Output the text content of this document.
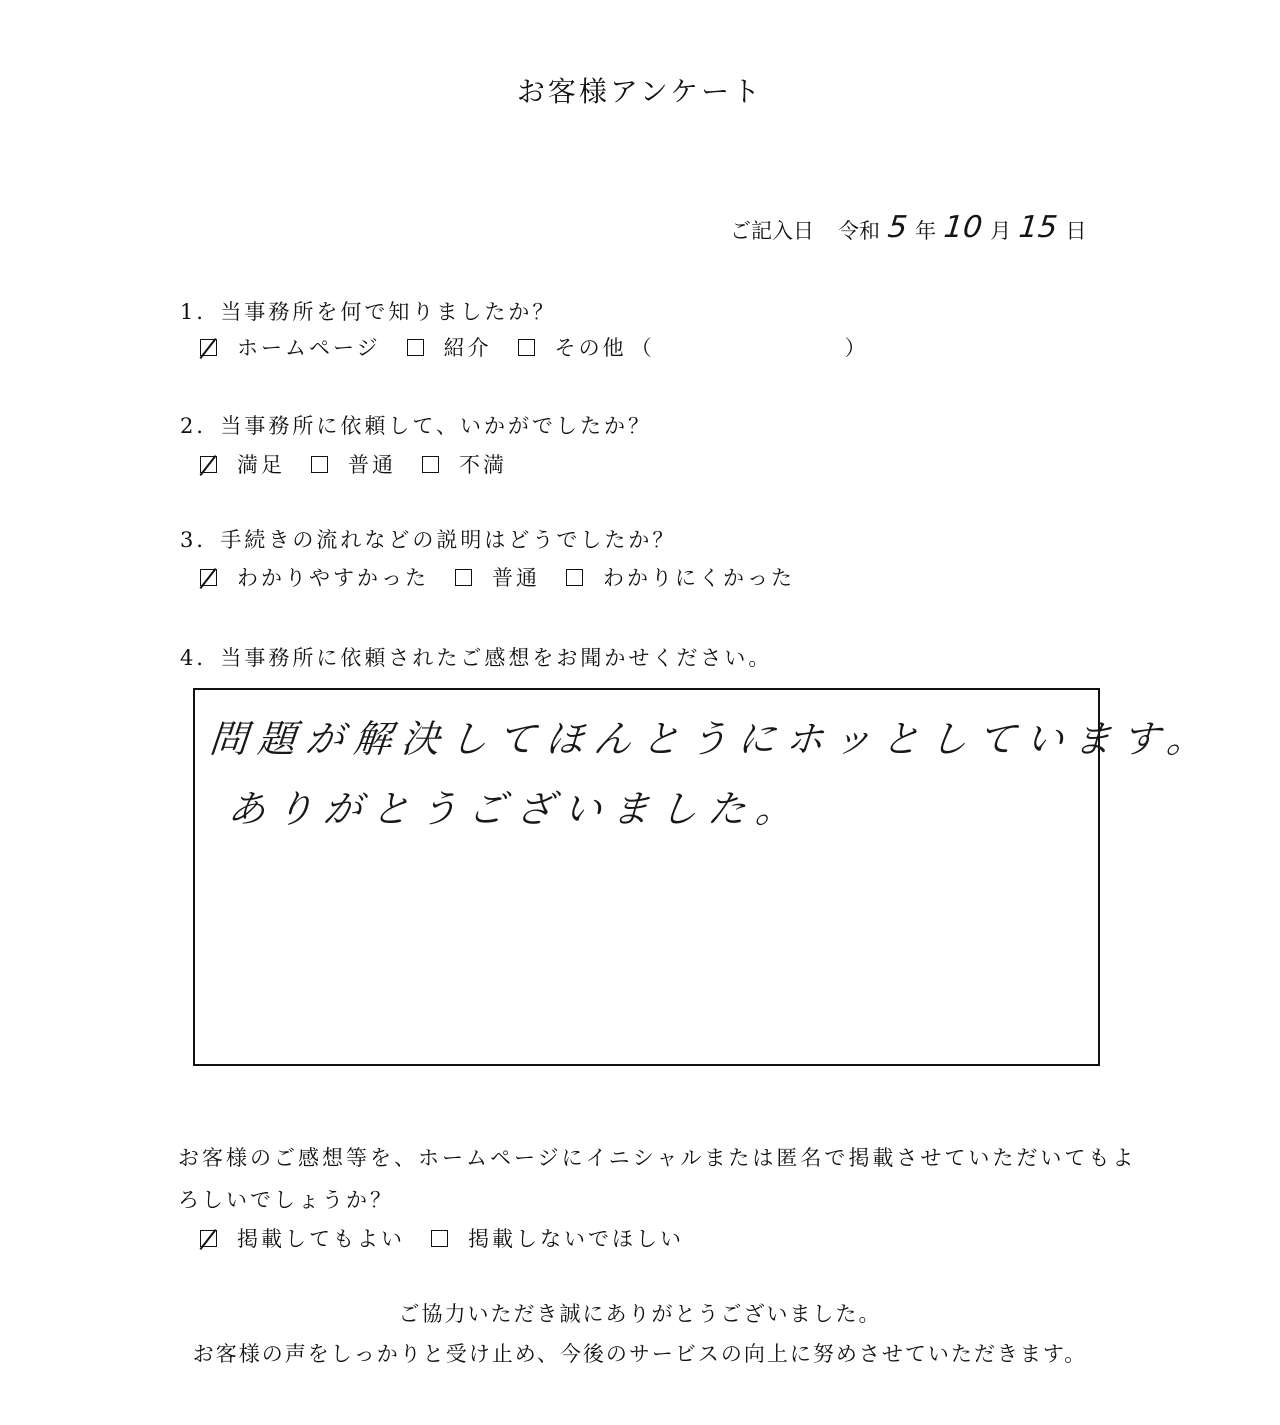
お客様アンケート
ご記入日 令和 5 年 10 月 15 日
1．当事務所を何で知りましたか？
ホームページ	紹介	その他 （	）
2．当事務所に依頼して、いかがでしたか？
満足	普通	不満
3．手続きの流れなどの説明はどうでしたか？
わかりやすかった	普通	わかりにくかった
4．当事務所に依頼されたご感想をお聞かせください。
問題が解決してほんとうにホッとしています。
ありがとうございました。
お客様のご感想等を、ホームページにイニシャルまたは匿名で掲載させていただいてもよ
ろしいでしょうか？
掲載してもよい	掲載しないでほしい
ご協力いただき誠にありがとうございました。
お客様の声をしっかりと受け止め、今後のサービスの向上に努めさせていただきます。
